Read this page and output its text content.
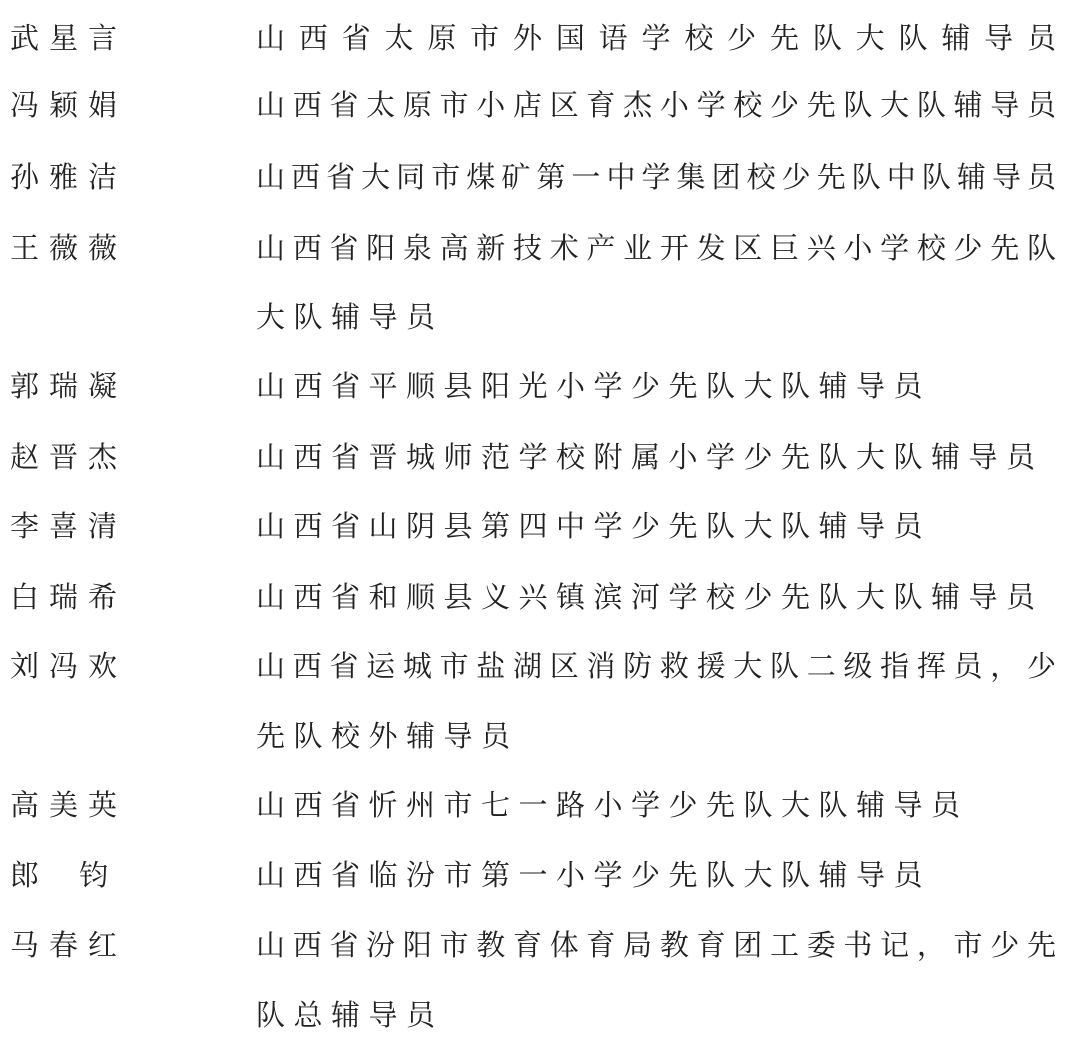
武星言	山西省太原市外国语学校少先队大队辅导员
冯颖娟	山西省太原市小店区育杰小学校少先队大队辅导员
孙雅洁	山西省大同市煤矿第一中学集团校少先队中队辅导员
王薇薇	山西省阳泉高新技术产业开发区巨兴小学校少先队
大队辅导员
郭瑞凝	山西省平顺县阳光小学少先队大队辅导员
赵晋杰	山西省晋城师范学校附属小学少先队大队辅导员
李喜清	山西省山阴县第四中学少先队大队辅导员
白瑞希	山西省和顺县义兴镇滨河学校少先队大队辅导员
刘冯欢	山西省运城市盐湖区消防救援大队二级指挥员，少
先队校外辅导员
高美英	山西省忻州市七一路小学少先队大队辅导员
郎钧	山西省临汾市第一小学少先队大队辅导员
马春红	山西省汾阳市教育体育局教育团工委书记，市少先
队总辅导员
